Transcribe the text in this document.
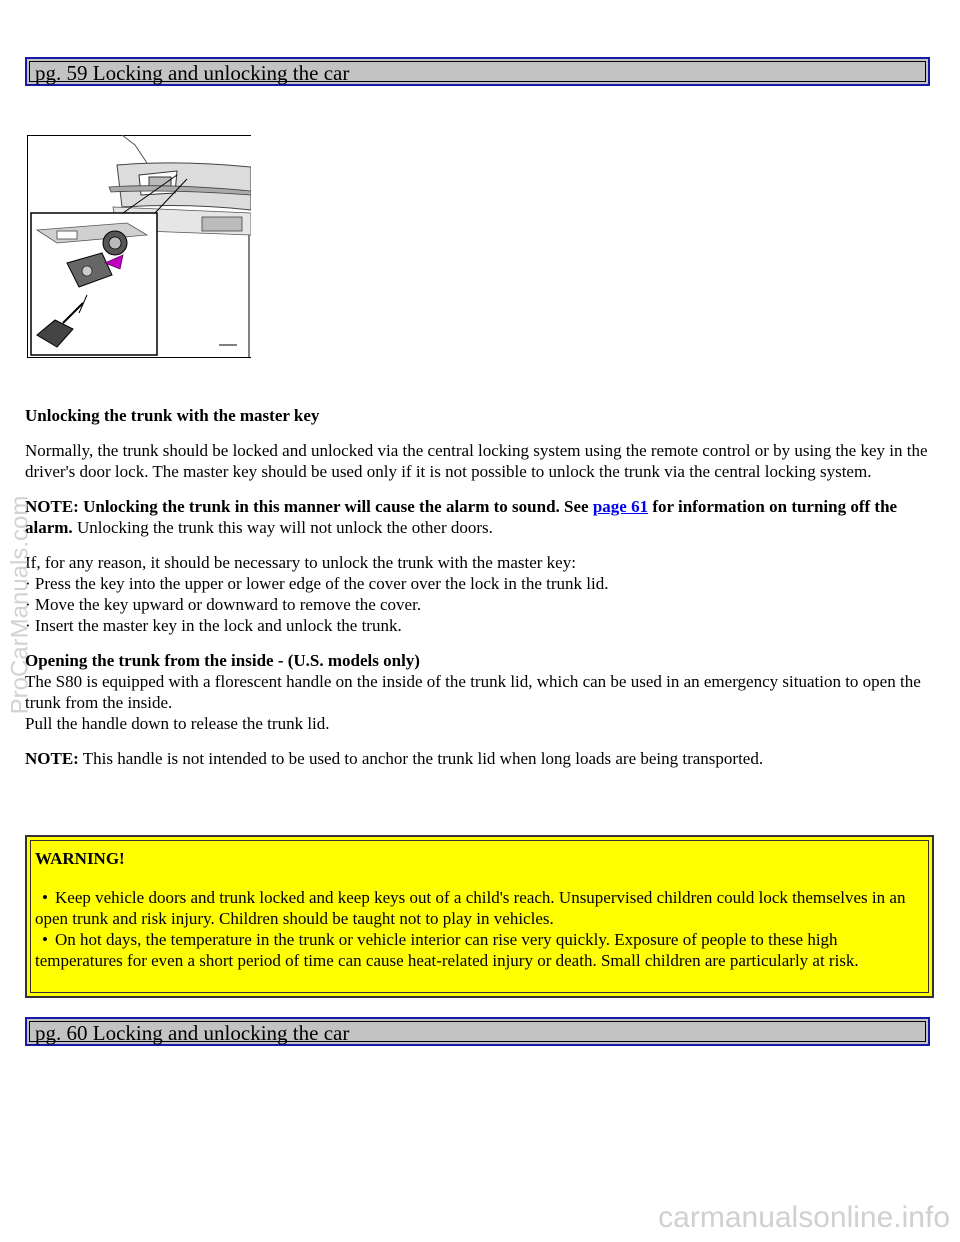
pg. 59 Locking and unlocking the car

Unlocking the trunk with the master key

Normally, the trunk should be locked and unlocked via the central locking system using the remote control or by using the key in the driver's door lock. The master key should be used only if it is not possible to unlock the trunk via the central locking system.

NOTE: Unlocking the trunk in this manner will cause the alarm to sound. See page 61 for information on turning off the alarm. Unlocking the trunk this way will not unlock the other doors.

If, for any reason, it should be necessary to unlock the trunk with the master key:

· Press the key into the upper or lower edge of the cover over the lock in the trunk lid.

· Move the key upward or downward to remove the cover.

· Insert the master key in the lock and unlock the trunk.

Opening the trunk from the inside - (U.S. models only)

The S80 is equipped with a florescent handle on the inside of the trunk lid, which can be used in an emergency situation to open the trunk from the inside.

Pull the handle down to release the trunk lid.

NOTE: This handle is not intended to be used to anchor the trunk lid when long loads are being transported.

WARNING!
• Keep vehicle doors and trunk locked and keep keys out of a child's reach. Unsupervised children could lock themselves in an open trunk and risk injury. Children should be taught not to play in vehicles.
• On hot days, the temperature in the trunk or vehicle interior can rise very quickly. Exposure of people to these high temperatures for even a short period of time can cause heat-related injury or death. Small children are particularly at risk.
pg. 60 Locking and unlocking the car
ProCarManuals.com
carmanualsonline.info
